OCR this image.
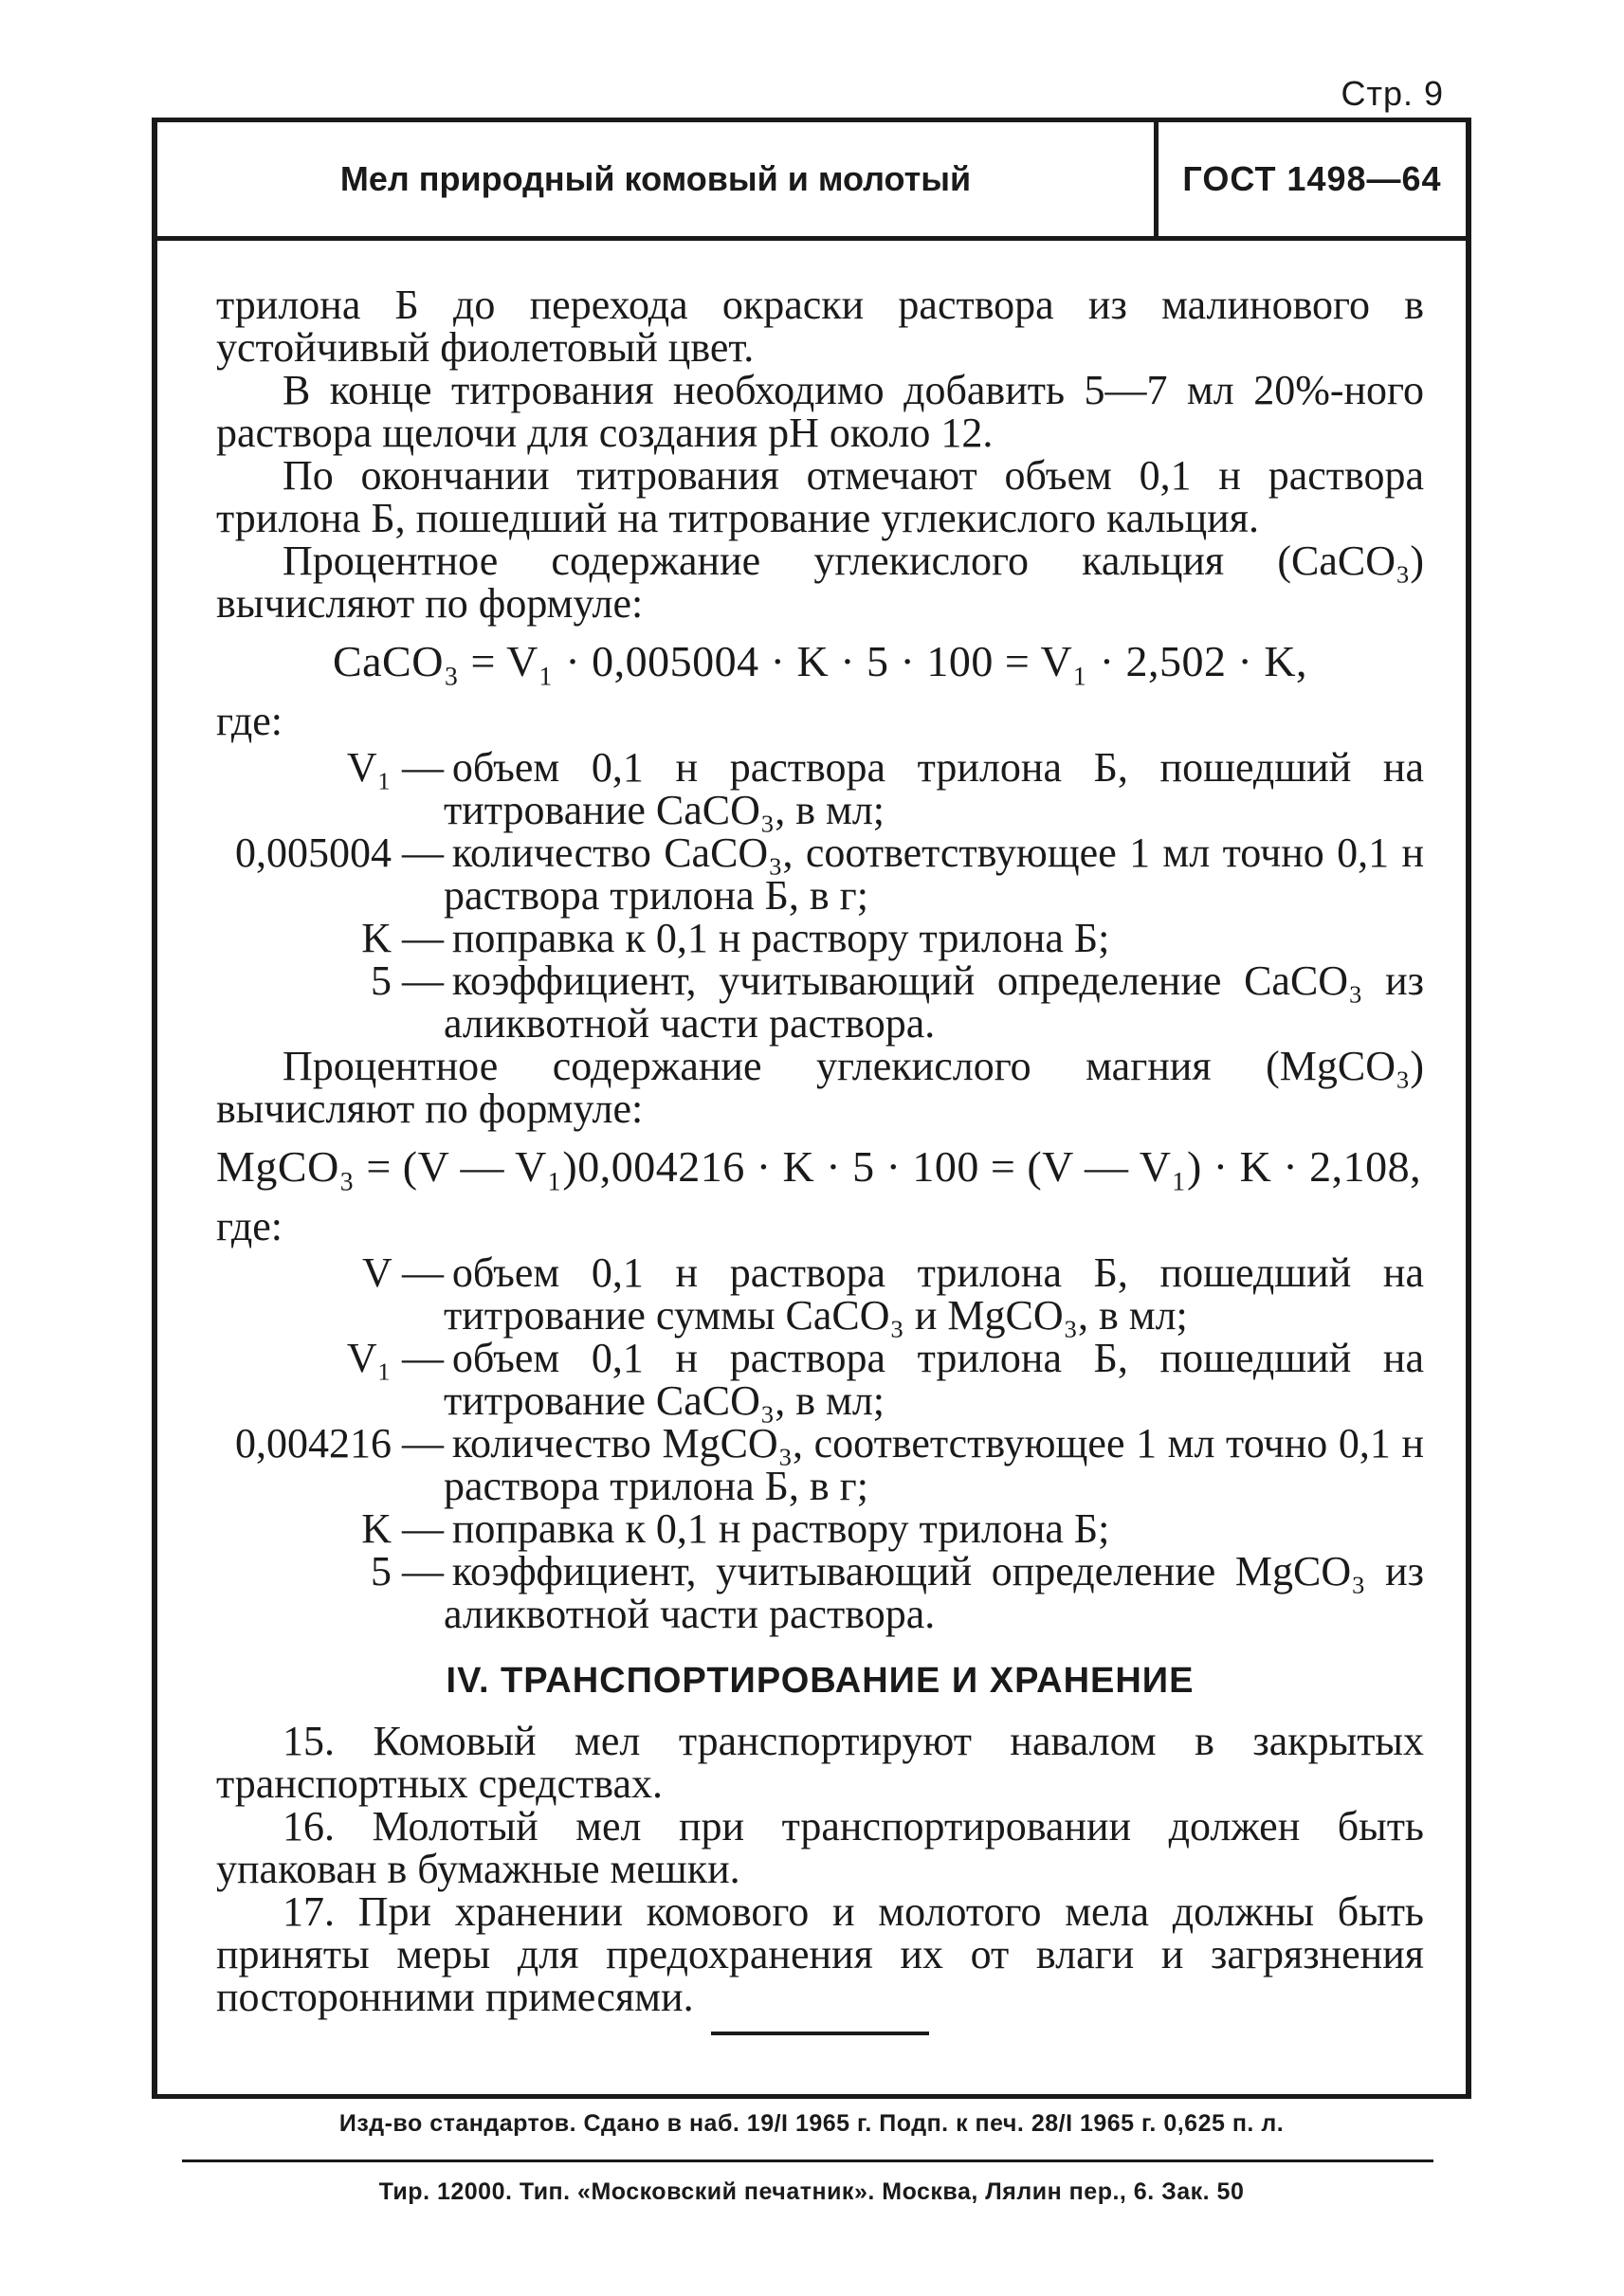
Стр. 9
Мел природный комовый и молотый	ГОСТ 1498—64

трилона Б до перехода окраски раствора из малинового в устойчивый фиолетовый цвет.

В конце титрования необходимо добавить 5—7 мл 20%-ного раствора щелочи для создания pH около 12.

По окончании титрования отмечают объем 0,1 н раствора трилона Б, пошедший на титрование углекислого кальция.

Процентное содержание углекислого кальция (CaCO₃) вычисляют по формуле:

CaCO₃ = V₁ · 0,005004 · K · 5 · 100 = V₁ · 2,502 · K,

где:

V₁ — объем 0,1 н раствора трилона Б, пошедший на титрование CaCO₃, в мл;
0,005004 — количество CaCO₃, соответствующее 1 мл точно 0,1 н раствора трилона Б, в г;
K — поправка к 0,1 н раствору трилона Б;
5 — коэффициент, учитывающий определение CaCO₃ из аликвотной части раствора.

Процентное содержание углекислого магния (MgCO₃) вычисляют по формуле:

MgCO₃ = (V — V₁)0,004216 · K · 5 · 100 = (V — V₁) · K · 2,108,

где:

V — объем 0,1 н раствора трилона Б, пошедший на титрование суммы CaCO₃ и MgCO₃, в мл;
V₁ — объем 0,1 н раствора трилона Б, пошедший на титрование CaCO₃, в мл;
0,004216 — количество MgCO₃, соответствующее 1 мл точно 0,1 н раствора трилона Б, в г;
K — поправка к 0,1 н раствору трилона Б;
5 — коэффициент, учитывающий определение MgCO₃ из аликвотной части раствора.
IV. ТРАНСПОРТИРОВАНИЕ И ХРАНЕНИЕ

15. Комовый мел транспортируют навалом в закрытых транспортных средствах.

16. Молотый мел при транспортировании должен быть упакован в бумажные мешки.

17. При хранении комового и молотого мела должны быть приняты меры для предохранения их от влаги и загрязнения посторонними примесями.

Изд-во стандартов. Сдано в наб. 19/I 1965 г. Подп. к печ. 28/I 1965 г. 0,625 п. л.
Тир. 12000. Тип. «Московский печатник». Москва, Лялин пер., 6. Зак. 50
